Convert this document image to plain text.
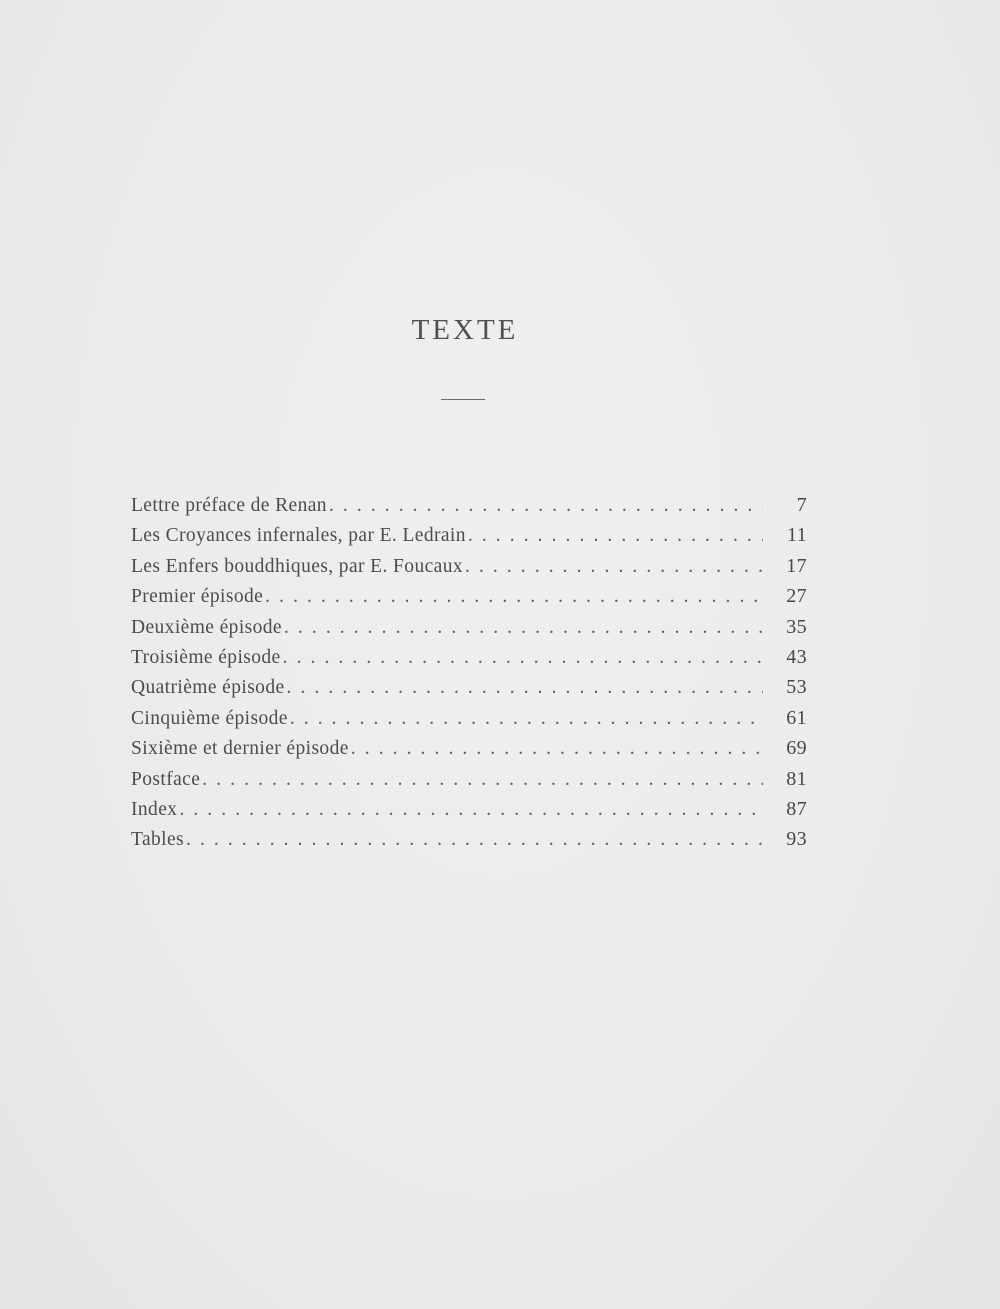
TEXTE
Lettre préface de Renan . . .	7
Les Croyances infernales, par E. Ledrain . . .	11
Les Enfers bouddhiques, par E. Foucaux . . .	17
Premier épisode . . .	27
Deuxième épisode . . .	35
Troisième épisode . . .	43
Quatrième épisode . . .	53
Cinquième épisode . . .	61
Sixième et dernier épisode . . .	69
Postface . . .	81
Index . . .	87
Tables . . .	93
